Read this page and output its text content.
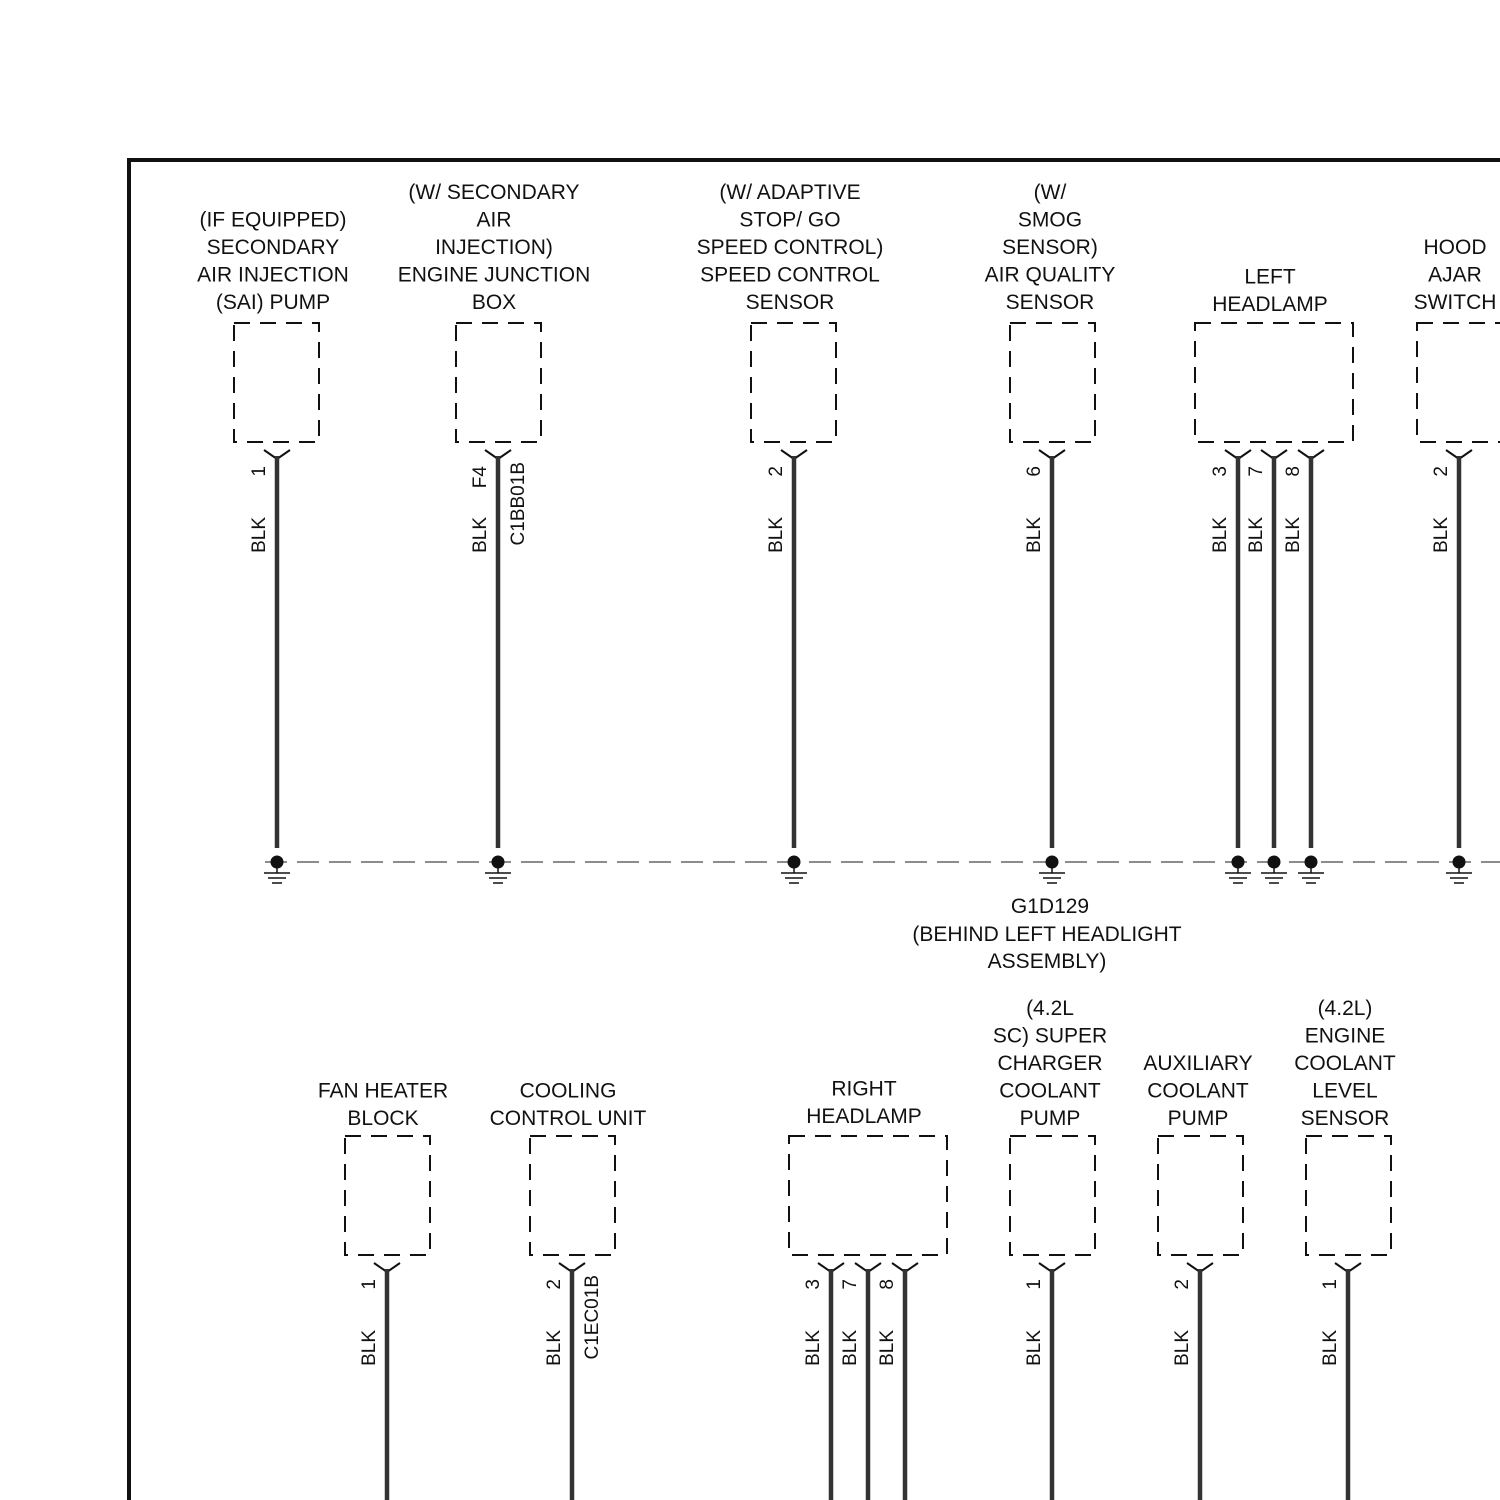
(IF EQUIPPED)
SECONDARY
AIR INJECTION
(SAI) PUMP
1
BLK
(W/ SECONDARY
AIR
INJECTION)
ENGINE JUNCTION
BOX
F4
BLK C1BB01B
(W/ ADAPTIVE
STOP/ GO
SPEED CONTROL)
SPEED CONTROL
SENSOR
2
BLK
(W/
SMOG
SENSOR)
AIR QUALITY
SENSOR
6
BLK
LEFT
HEADLAMP
3
BLK
7
BLK
8
BLK
HOOD
AJAR
SWITCH
2
BLK
FAN HEATER
BLOCK
1
BLK
COOLING
CONTROL UNIT
2
BLK C1EC01B
RIGHT
HEADLAMP
3
BLK
7
BLK
8
BLK
(4.2L
SC) SUPER
CHARGER
COOLANT
PUMP
1
BLK
AUXILIARY
COOLANT
PUMP
2
BLK
(4.2L)
ENGINE
COOLANT
LEVEL
SENSOR
1
BLK
G1D129
(BEHIND LEFT HEADLIGHT
ASSEMBLY)
